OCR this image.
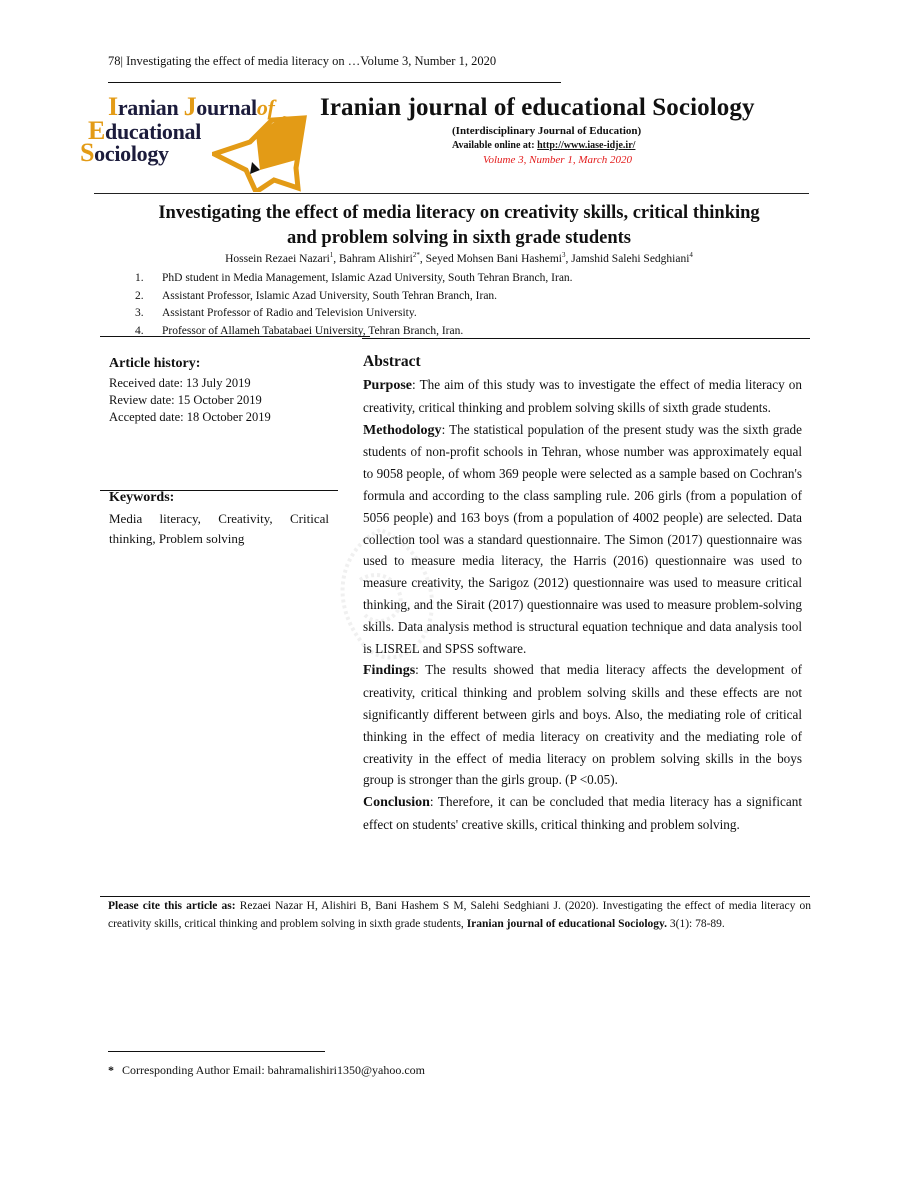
78| Investigating the effect of media literacy on …Volume 3, Number 1, 2020
Iranian Journalof
Educational
Sociology
Iranian journal of educational Sociology
(Interdisciplinary Journal of Education)
Available online at: http://www.iase-idje.ir/
Volume 3, Number 1, March 2020
Investigating the effect of media literacy on creativity skills, critical thinking
and problem solving in sixth grade students
Hossein Rezaei Nazari$^1$, Bahram Alishiri$^{2*}$, Seyed Mohsen Bani Hashemi$^3$, Jamshid Salehi Sedghiani$^4$
1. PhD student in Media Management, Islamic Azad University, South Tehran Branch, Iran.
2. Assistant Professor, Islamic Azad University, South Tehran Branch, Iran.
3. Assistant Professor of Radio and Television University.
4. Professor of Allameh Tabatabaei University, Tehran Branch, Iran.
Article history:
Received date: 13 July 2019
Review date: 15 October 2019
Accepted date: 18 October 2019
Keywords:
Media literacy, Creativity, Critical thinking, Problem solving
Abstract

Purpose: The aim of this study was to investigate the effect of media literacy on creativity, critical thinking and problem solving skills of sixth grade students.

Methodology: The statistical population of the present study was the sixth grade students of non-profit schools in Tehran, whose number was approximately equal to 9058 people, of whom 369 people were selected as a sample based on Cochran's formula and according to the class sampling rule. 206 girls (from a population of 5056 people) and 163 boys (from a population of 4002 people) are selected. Data collection tool was a standard questionnaire. The Simon (2017) questionnaire was used to measure media literacy, the Harris (2016) questionnaire was used to measure creativity, the Sarigoz (2012) questionnaire was used to measure critical thinking, and the Sirait (2017) questionnaire was used to measure problem-solving skills. Data analysis method is structural equation technique and data analysis tool is LISREL and SPSS software.

Findings: The results showed that media literacy affects the development of creativity, critical thinking and problem solving skills and these effects are not significantly different between girls and boys. Also, the mediating role of critical thinking in the effect of media literacy on creativity and the mediating role of creativity in the effect of media literacy on problem solving skills in the boys group is stronger than the girls group. (P <0.05).

Conclusion: Therefore, it can be concluded that media literacy has a significant effect on students' creative skills, critical thinking and problem solving.

Please cite this article as: Rezaei Nazar H, Alishiri B, Bani Hashem S M, Salehi Sedghiani J. (2020). Investigating the effect of media literacy on creativity skills, critical thinking and problem solving in sixth grade students, Iranian journal of educational Sociology. 3(1): 78-89.
* Corresponding Author Email: bahramalishiri1350@yahoo.com
